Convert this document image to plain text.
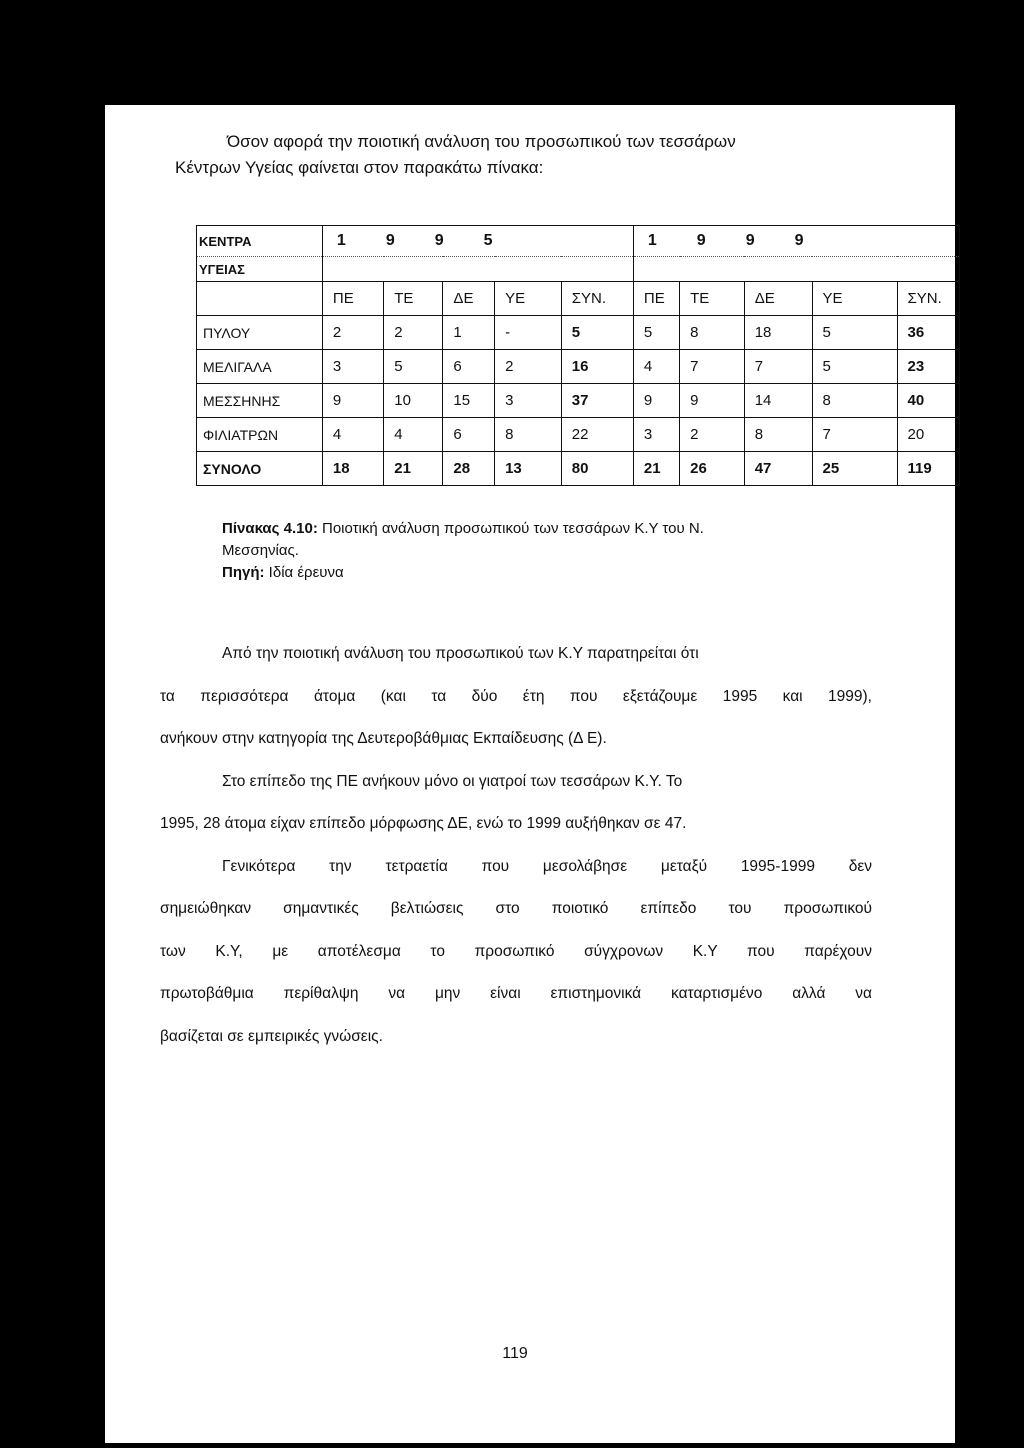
Όσον αφορά την ποιοτική ανάλυση του προσωπικού των τεσσάρων
Κέντρων Υγείας φαίνεται στον παρακάτω πίνακα:
ΚΕΝΤΡΑ	1 9 9 5					1 9 9 9				
ΥΓΕΙΑΣ										
	ΠΕ	ΤΕ	ΔΕ	ΥΕ	ΣΥΝ.	ΠΕ	ΤΕ	ΔΕ	ΥΕ	ΣΥΝ.
ΠΥΛΟΥ	2	2	1	-	5	5	8	18	5	36
ΜΕΛΙΓΑΛΑ	3	5	6	2	16	4	7	7	5	23
ΜΕΣΣΗΝΗΣ	9	10	15	3	37	9	9	14	8	40
ΦΙΛΙΑΤΡΩΝ	4	4	6	8	22	3	2	8	7	20
ΣΥΝΟΛΟ	18	21	28	13	80	21	26	47	25	119
Πίνακας 4.10: Ποιοτική ανάλυση προσωπικού των τεσσάρων Κ.Υ του Ν.
Μεσσηνίας.
Πηγή: Ιδία έρευνα

Από την ποιοτική ανάλυση του προσωπικού των Κ.Υ παρατηρείται ότι

τα περισσότερα άτομα (και τα δύο έτη που εξετάζουμε 1995 και 1999),

ανήκουν στην κατηγορία της Δευτεροβάθμιας Εκπαίδευσης (Δ Ε).

Στο επίπεδο της ΠΕ ανήκουν μόνο οι γιατροί των τεσσάρων Κ.Υ. Το

1995, 28 άτομα είχαν επίπεδο μόρφωσης ΔΕ, ενώ το 1999 αυξήθηκαν σε 47.

Γενικότερα την τετραετία που μεσολάβησε μεταξύ 1995-1999 δεν

σημειώθηκαν σημαντικές βελτιώσεις στο ποιοτικό επίπεδο του προσωπικού

των Κ.Υ, με αποτέλεσμα το προσωπικό σύγχρονων Κ.Υ που παρέχουν

πρωτοβάθμια περίθαλψη να μην είναι επιστημονικά καταρτισμένο αλλά να

βασίζεται σε εμπειρικές γνώσεις.

119
